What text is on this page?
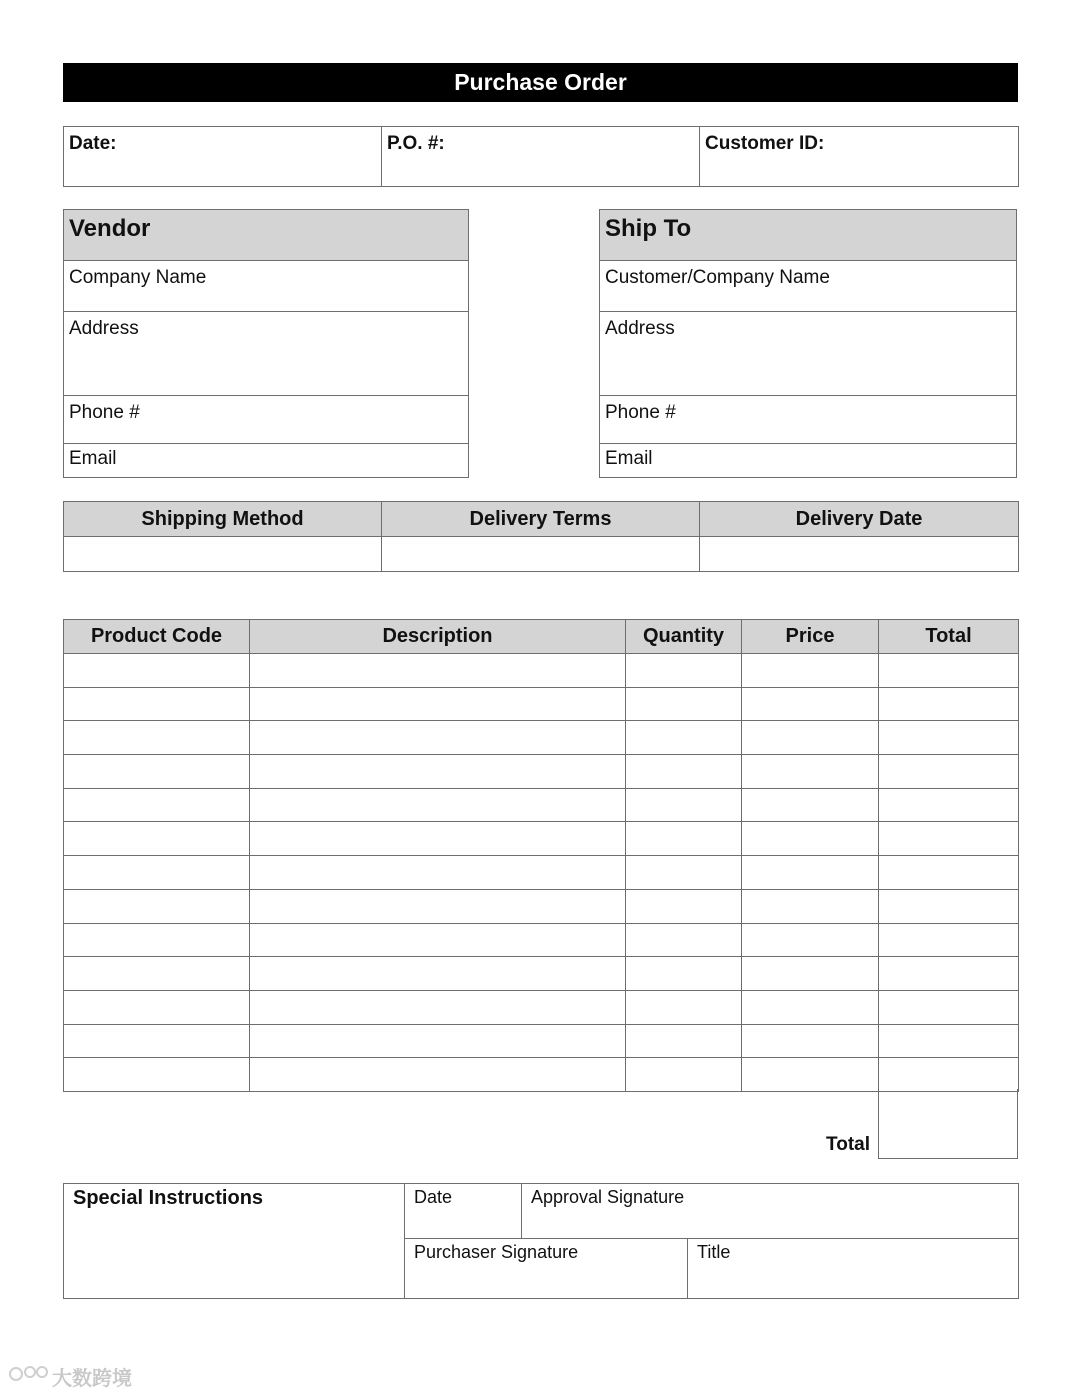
Purchase Order
Date:	P.O. #:	Customer ID:
Vendor
Company Name
Address
Phone #
Email
Ship To
Customer/Company Name
Address
Phone #
Email
Shipping Method	Delivery Terms	Delivery Date

Product Code	Description	Quantity	Price	Total

Total
Special Instructions	Date	Approval Signature	
	Purchaser Signature		Title
大数跨境
